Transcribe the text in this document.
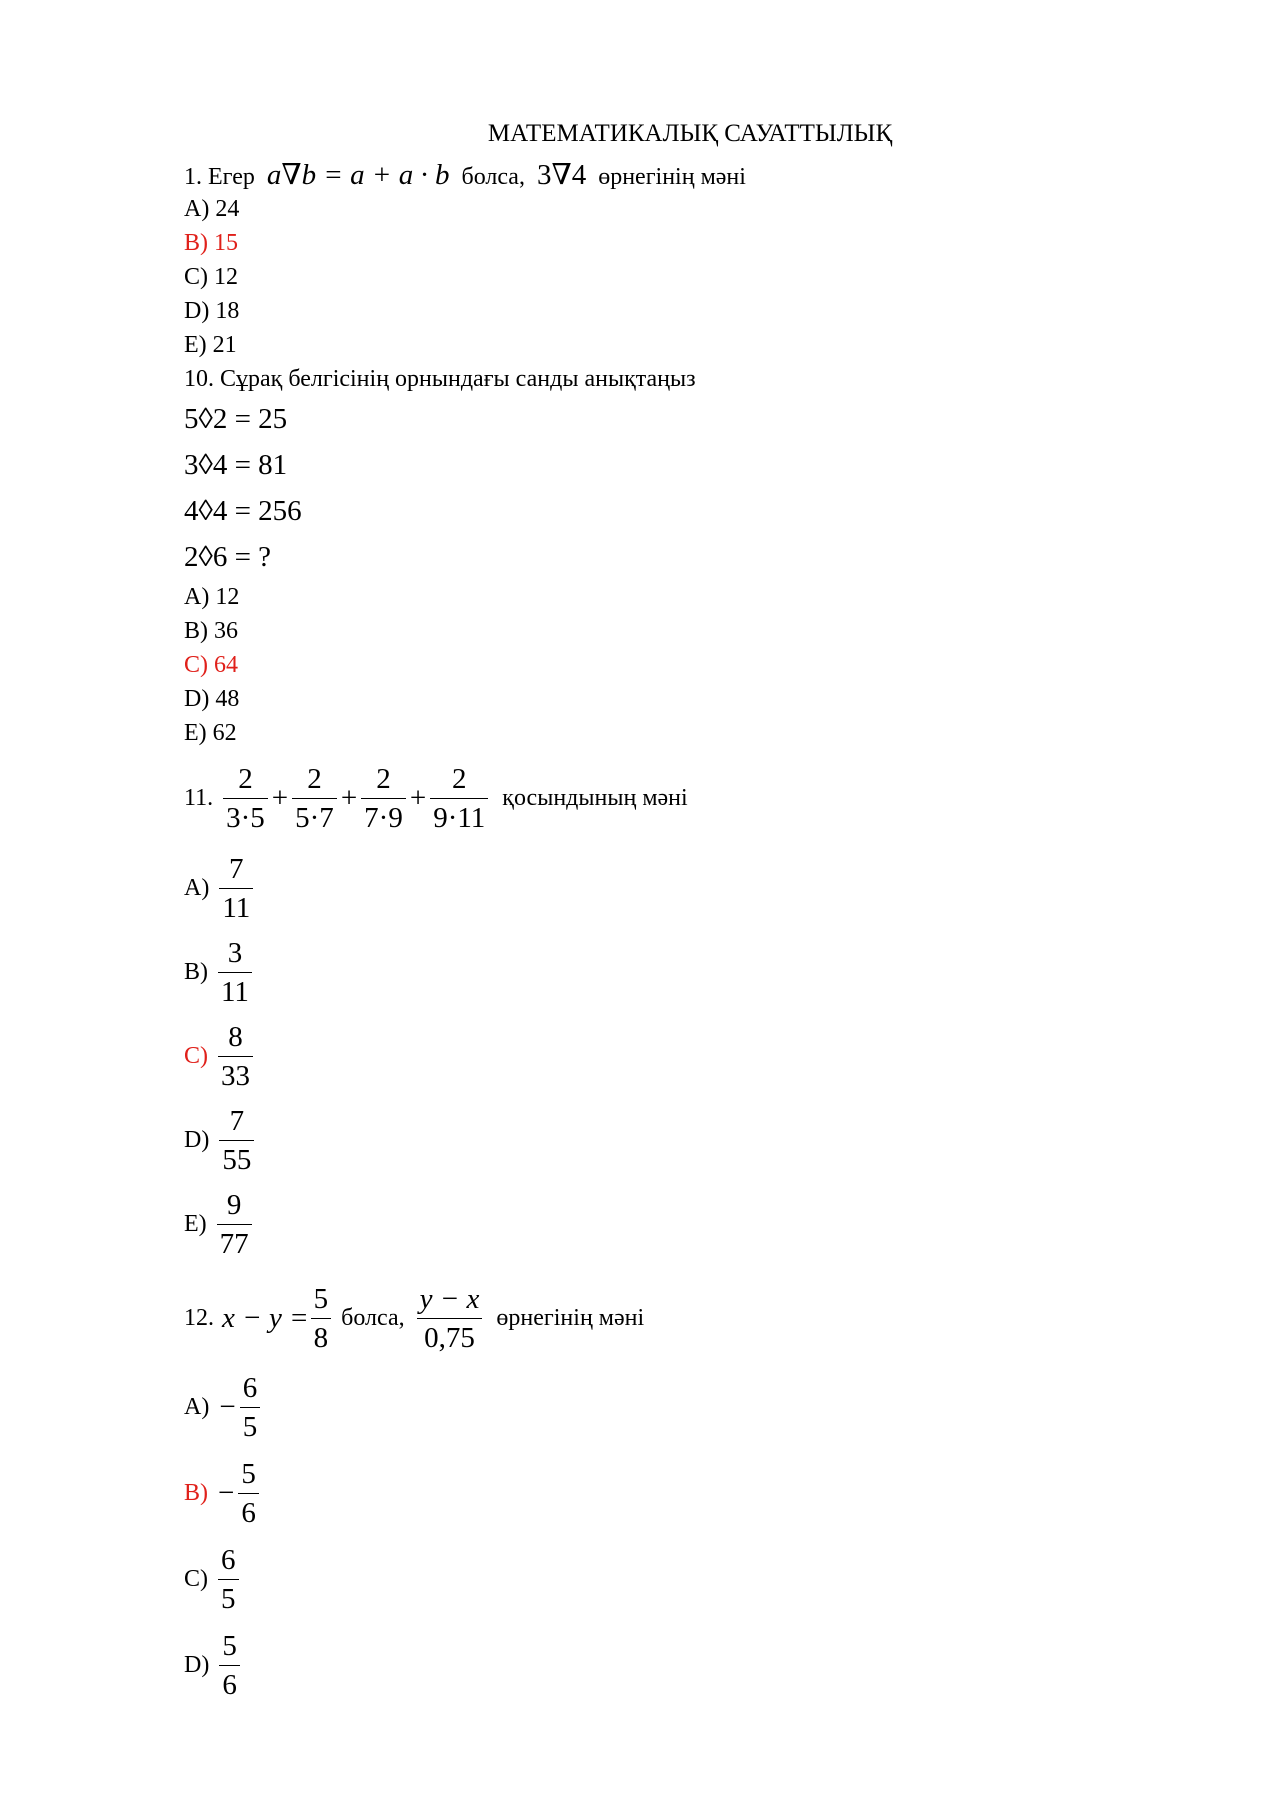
МАТЕМАТИКАЛЫҚ САУАТТЫЛЫҚ
1. Егер a∇b = a + a · b болса, 3∇4 өрнегінің мәні
A) 24
B) 15
C) 12
D) 18
E) 21
10. Сұрақ белгісінің орнындағы санды анықтаңыз
5◊2 = 25
3◊4 = 81
4◊4 = 256
2◊6 = ?
A) 12
B) 36
C) 64
D) 48
E) 62
11. $\frac{2}{3\cdot 5} + \frac{2}{5\cdot 7} + \frac{2}{7\cdot 9} + \frac{2}{9\cdot 11}$ қосындының мәні
$A) \frac{7}{11}$
$B) \frac{3}{11}$
$C) \frac{8}{33}$
$D) \frac{7}{55}$
$E) \frac{9}{77}$
12. $x - y = \frac{5}{8}$ болса, $\frac{y - x}{0,75}$ өрнегінің мәні
$A) - \frac{6}{5}$
$B) - \frac{5}{6}$
$C) \frac{6}{5}$
$D) \frac{5}{6}$
